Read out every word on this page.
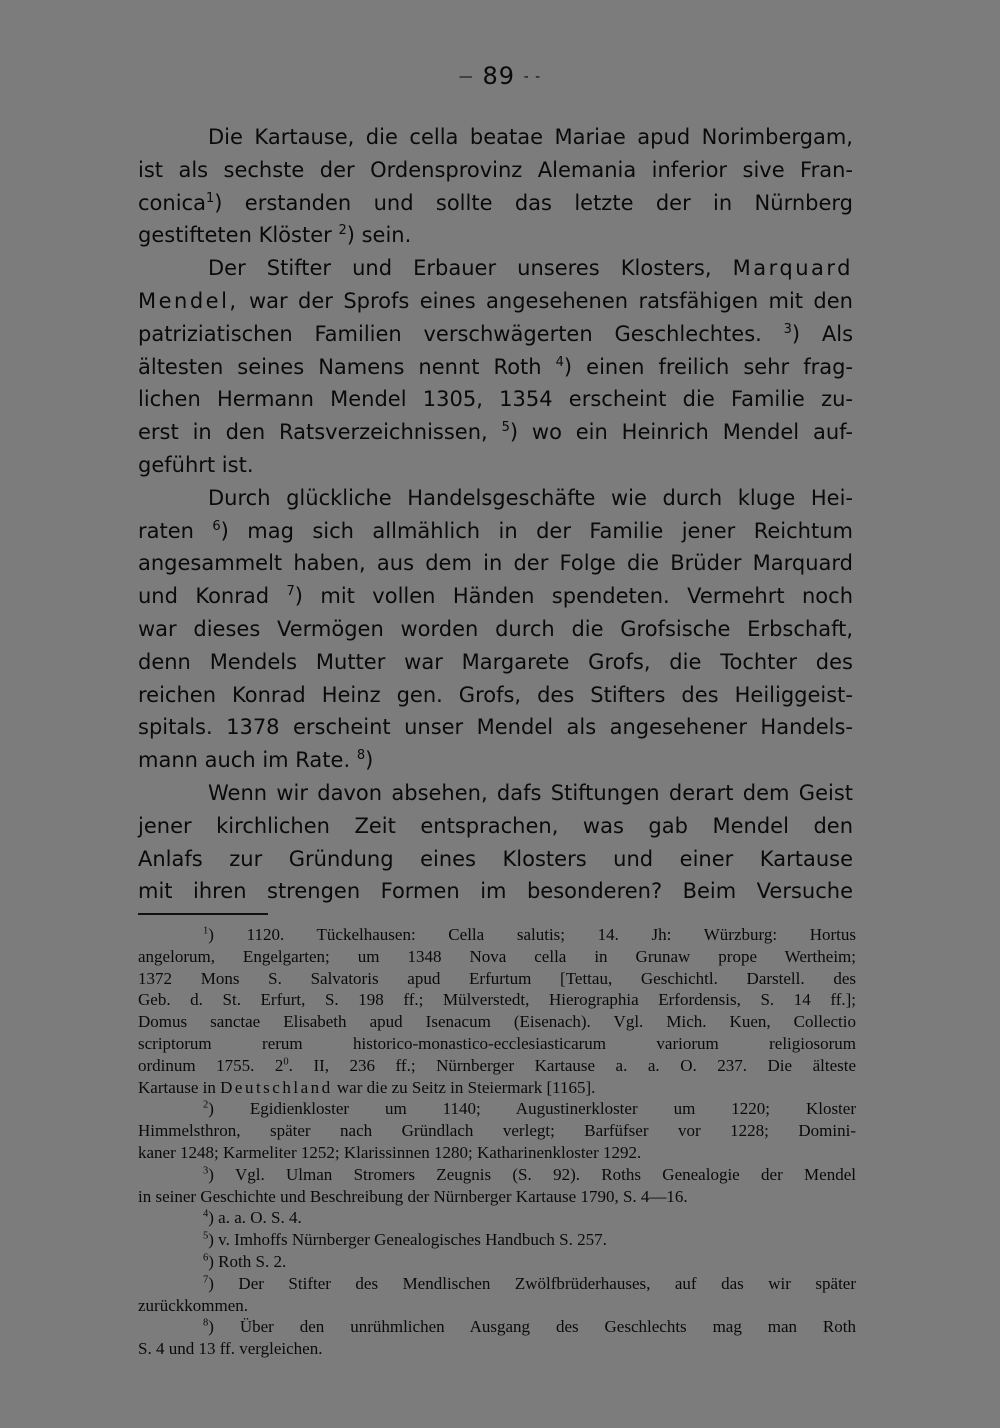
— 89 - -
Die Kartause, die cella beatae Mariae apud Norimbergam,
ist als sechste der Ordensprovinz Alemania inferior sive Fran-
conica$^1$) erstanden und sollte das letzte der in Nürnberg
gestifteten Klöster $^2$) sein.
Der Stifter und Erbauer unseres Klosters, Marquard
Mendel, war der Sprofs eines angesehenen ratsfähigen mit den
patriziatischen Familien verschwägerten Geschlechtes. $^3$) Als
ältesten seines Namens nennt Roth $^4$) einen freilich sehr frag-
lichen Hermann Mendel 1305, 1354 erscheint die Familie zu-
erst in den Ratsverzeichnissen, $^5$) wo ein Heinrich Mendel auf-
geführt ist.
Durch glückliche Handelsgeschäfte wie durch kluge Hei-
raten $^6$) mag sich allmählich in der Familie jener Reichtum
angesammelt haben, aus dem in der Folge die Brüder Marquard
und Konrad $^7$) mit vollen Händen spendeten. Vermehrt noch
war dieses Vermögen worden durch die Grofsische Erbschaft,
denn Mendels Mutter war Margarete Grofs, die Tochter des
reichen Konrad Heinz gen. Grofs, des Stifters des Heiliggeist-
spitals. 1378 erscheint unser Mendel als angesehener Handels-
mann auch im Rate. $^8$)
Wenn wir davon absehen, dafs Stiftungen derart dem Geist
jener kirchlichen Zeit entsprachen, was gab Mendel den
Anlafs zur Gründung eines Klosters und einer Kartause
mit ihren strengen Formen im besonderen? Beim Versuche
$^1$) 1120. Tückelhausen: Cella salutis; 14. Jh: Würzburg: Hortus
angelorum, Engelgarten; um 1348 Nova cella in Grunaw prope Wertheim;
1372 Mons S. Salvatoris apud Erfurtum [Tettau, Geschichtl. Darstell. des
Geb. d. St. Erfurt, S. 198 ff.; Mülverstedt, Hierographia Erfordensis, S. 14 ff.];
Domus sanctae Elisabeth apud Isenacum (Eisenach). Vgl. Mich. Kuen, Collectio
scriptorum rerum historico-monastico-ecclesiasticarum variorum religiosorum
ordinum 1755. $2^0$. II, 236 ff.; Nürnberger Kartause a. a. O. 237. Die älteste
Kartause in Deutschland war die zu Seitz in Steiermark [1165].
$^2$) Egidienkloster um 1140; Augustinerkloster um 1220; Kloster
Himmelsthron, später nach Gründlach verlegt; Barfüfser vor 1228; Domini-
kaner 1248; Karmeliter 1252; Klarissinnen 1280; Katharinenkloster 1292.
$^3$) Vgl. Ulman Stromers Zeugnis (S. 92). Roths Genealogie der Mendel
in seiner Geschichte und Beschreibung der Nürnberger Kartause 1790, S. 4—16.
$^4$) a. a. O. S. 4.
$^5$) v. Imhoffs Nürnberger Genealogisches Handbuch S. 257.
$^6$) Roth S. 2.
$^7$) Der Stifter des Mendlischen Zwölfbrüderhauses, auf das wir später
zurückkommen.
$^8$) Über den unrühmlichen Ausgang des Geschlechts mag man Roth
S. 4 und 13 ff. vergleichen.
